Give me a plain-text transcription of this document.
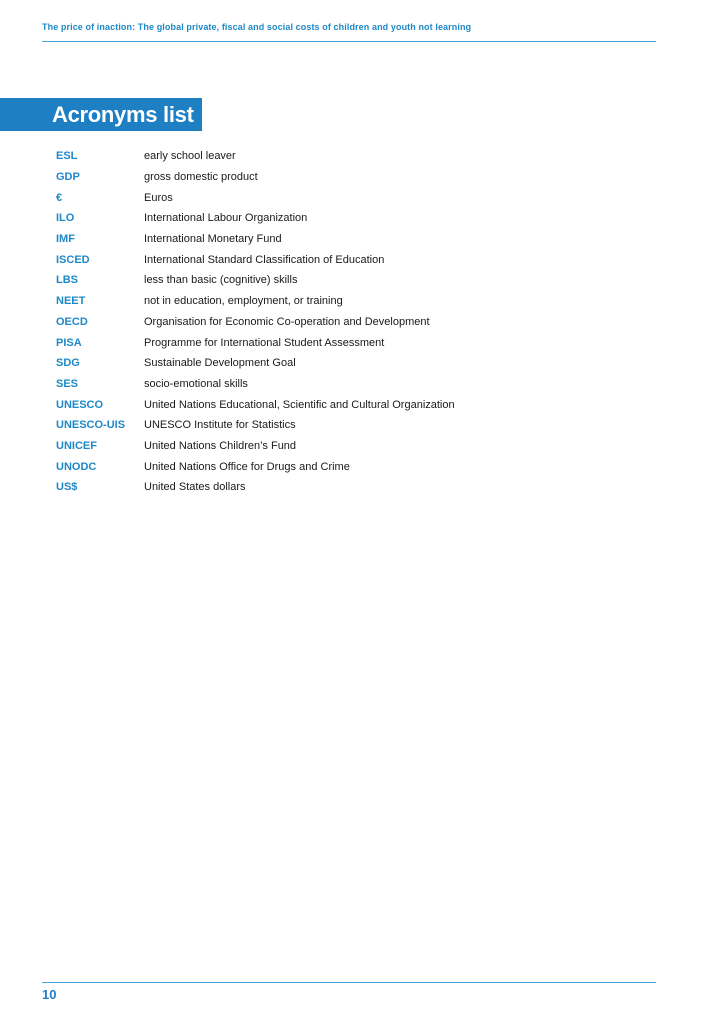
The price of inaction: The global private, fiscal and social costs of children and youth not learning
Acronyms list
ESL	early school leaver
GDP	gross domestic product
€	Euros
ILO	International Labour Organization
IMF	International Monetary Fund
ISCED	International Standard Classification of Education
LBS	less than basic (cognitive) skills
NEET	not in education, employment, or training
OECD	Organisation for Economic Co-operation and Development
PISA	Programme for International Student Assessment
SDG	Sustainable Development Goal
SES	socio-emotional skills
UNESCO	United Nations Educational, Scientific and Cultural Organization
UNESCO-UIS	UNESCO Institute for Statistics
UNICEF	United Nations Children’s Fund
UNODC	United Nations Office for Drugs and Crime
US$	United States dollars
10
